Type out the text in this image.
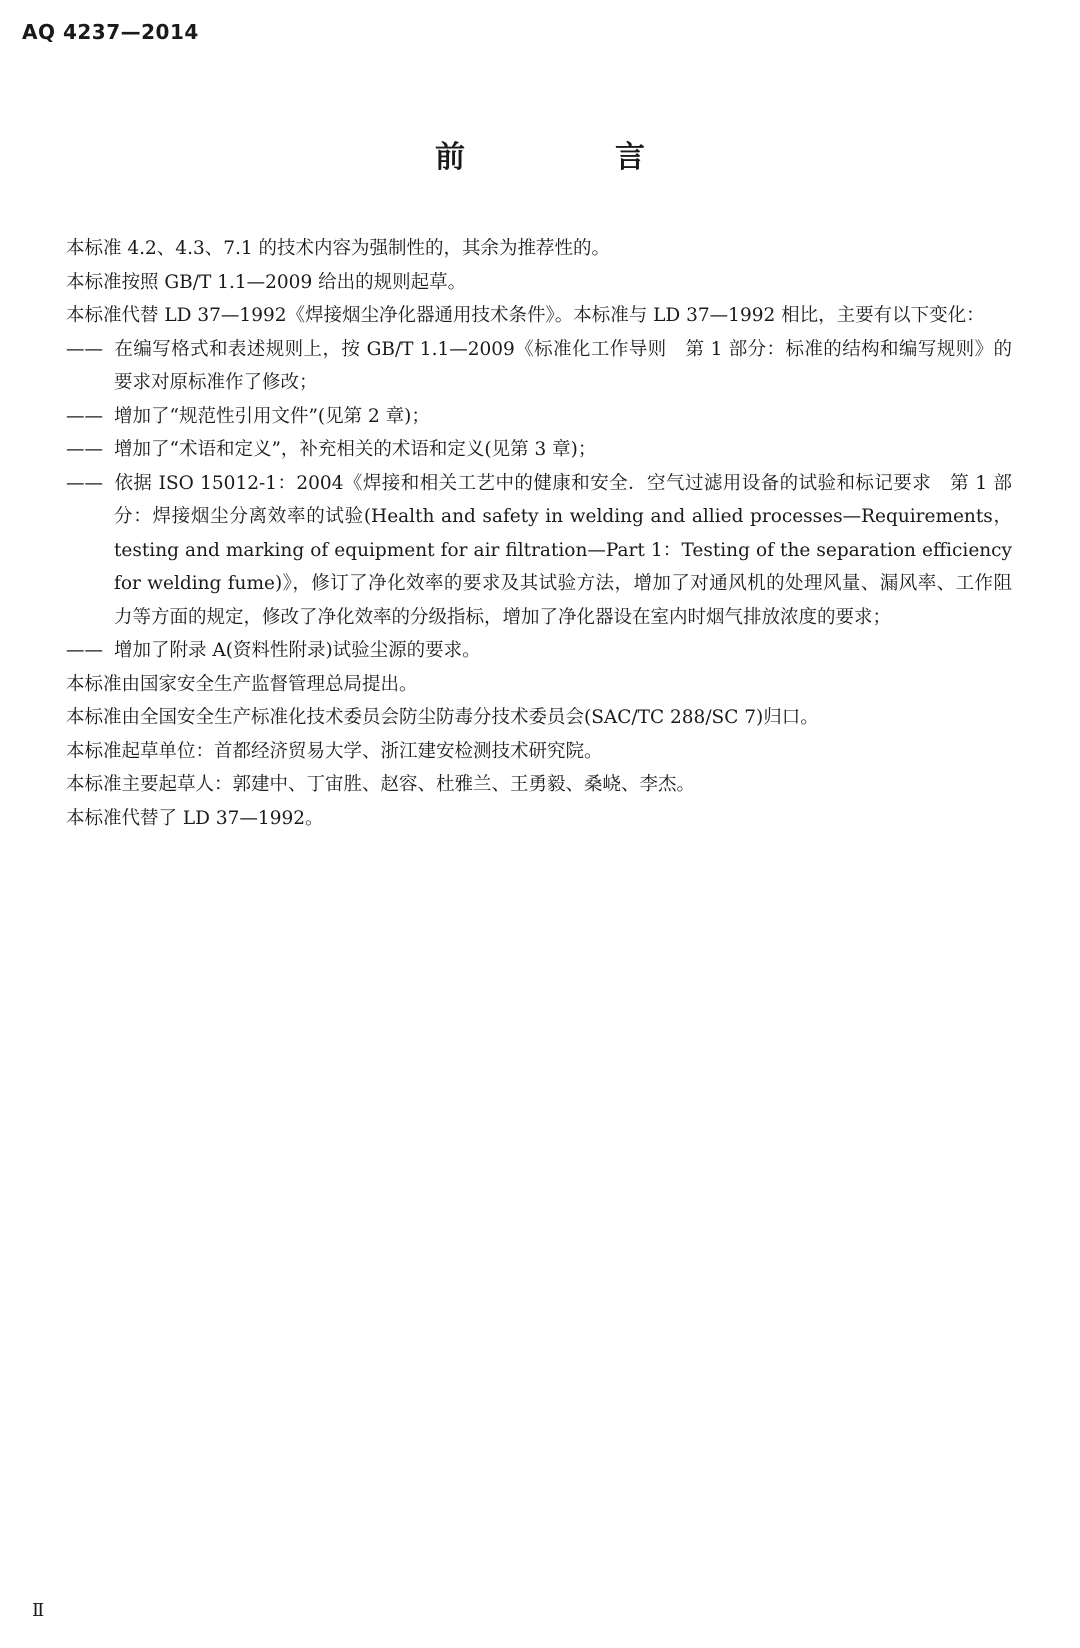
AQ 4237—2014
前　言

本标准 4.2、4.3、7.1 的技术内容为强制性的，其余为推荐性的。

本标准按照 GB/T 1.1—2009 给出的规则起草。

本标准代替 LD 37—1992《焊接烟尘净化器通用技术条件》。本标准与 LD 37—1992 相比，主要有以下变化：

—— 在编写格式和表述规则上，按 GB/T 1.1—2009《标准化工作导则　第 1 部分：标准的结构和编写规则》的要求对原标准作了修改；

—— 增加了“规范性引用文件”(见第 2 章)；

—— 增加了“术语和定义”，补充相关的术语和定义(见第 3 章)；

—— 依据 ISO 15012-1：2004《焊接和相关工艺中的健康和安全．空气过滤用设备的试验和标记要求　第 1 部分：焊接烟尘分离效率的试验(Health and safety in welding and allied processes—Requirements，testing and marking of equipment for air filtration—Part 1：Testing of the separation efficiency for welding fume)》，修订了净化效率的要求及其试验方法，增加了对通风机的处理风量、漏风率、工作阻力等方面的规定，修改了净化效率的分级指标，增加了净化器设在室内时烟气排放浓度的要求；

—— 增加了附录 A(资料性附录)试验尘源的要求。

本标准由国家安全生产监督管理总局提出。

本标准由全国安全生产标准化技术委员会防尘防毒分技术委员会(SAC/TC 288/SC 7)归口。

本标准起草单位：首都经济贸易大学、浙江建安检测技术研究院。

本标准主要起草人：郭建中、丁宙胜、赵容、杜雅兰、王勇毅、桑峣、李杰。

本标准代替了 LD 37—1992。

Ⅱ
